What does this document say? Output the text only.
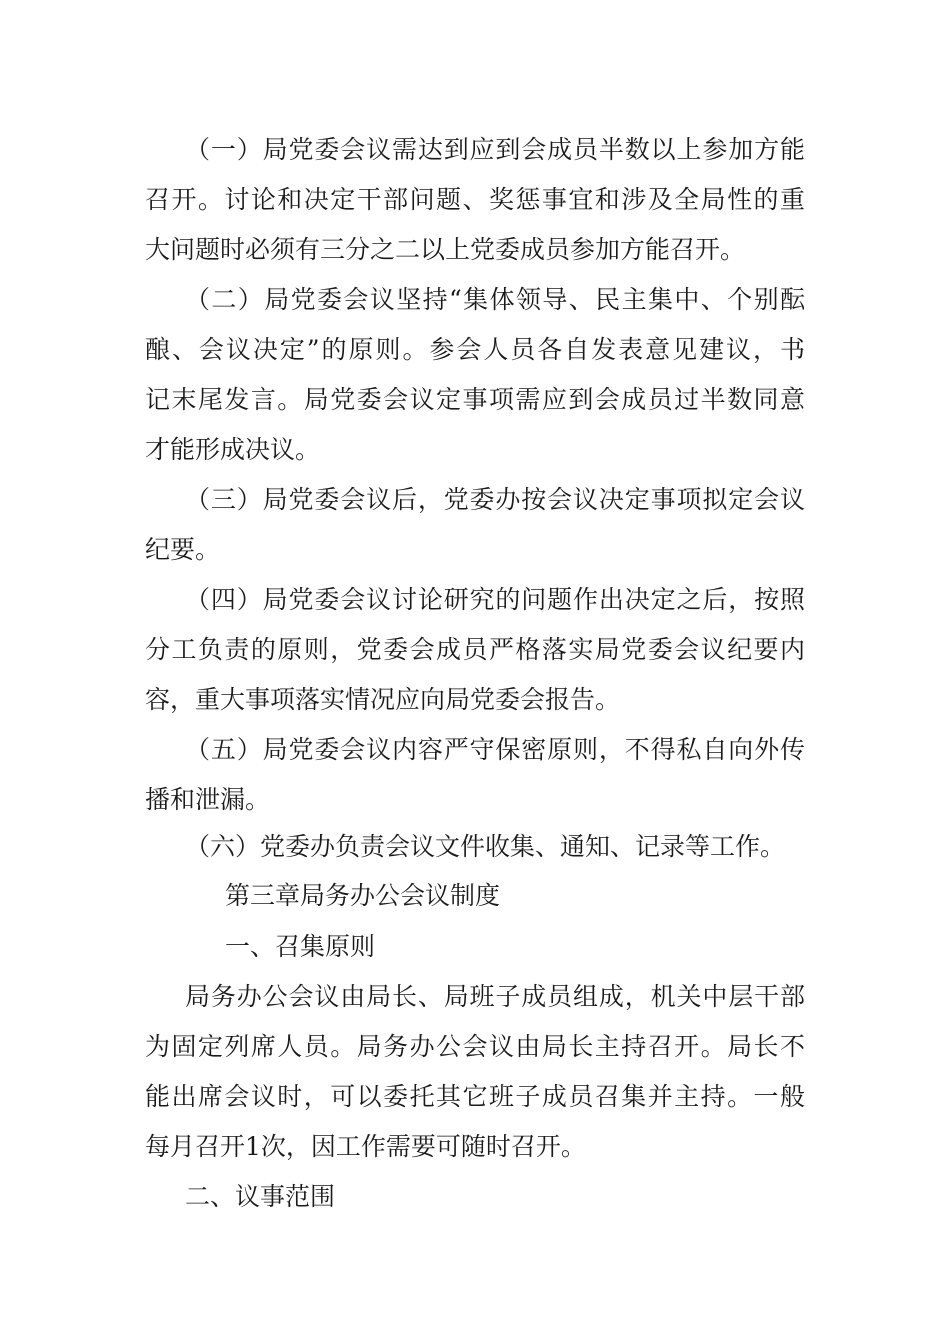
（一）局党委会议需达到应到会成员半数以上参加方能
召开。讨论和决定干部问题、奖惩事宜和涉及全局性的重
大问题时必须有三分之二以上党委成员参加方能召开。
（二）局党委会议坚持“集体领导、民主集中、个别酝
酿、会议决定”的原则。参会人员各自发表意见建议，书
记末尾发言。局党委会议定事项需应到会成员过半数同意
才能形成决议。
（三）局党委会议后，党委办按会议决定事项拟定会议
纪要。
（四）局党委会议讨论研究的问题作出决定之后，按照
分工负责的原则，党委会成员严格落实局党委会议纪要内
容，重大事项落实情况应向局党委会报告。
（五）局党委会议内容严守保密原则，不得私自向外传
播和泄漏。
（六）党委办负责会议文件收集、通知、记录等工作。
第三章局务办公会议制度
一、召集原则
局务办公会议由局长、局班子成员组成，机关中层干部
为固定列席人员。局务办公会议由局长主持召开。局长不
能出席会议时，可以委托其它班子成员召集并主持。一般
每月召开1次，因工作需要可随时召开。
二、议事范围
